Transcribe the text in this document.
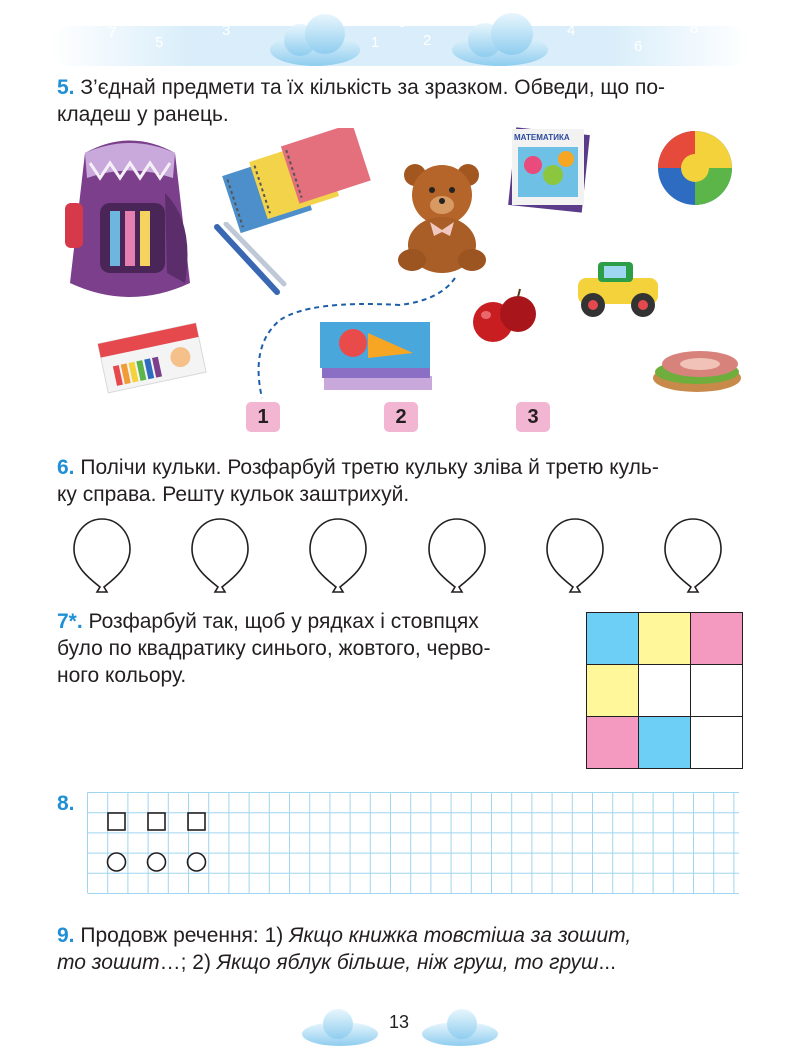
7
5
3
1
0
2
4
6
8
5. З’єднай предмети та їх кількість за зразком. Обведи, що по-
кладеш у ранець.
МАТЕМАТИКА
1	2	3
6. Полічи кульки. Розфарбуй третю кульку зліва й третю куль-
ку справа. Решту кульок заштрихуй.
7*. Розфарбуй так, щоб у рядках і стовпцях
було по квадратику синього, жовтого, черво-
ного кольору.
8.
9. Продовж речення: 1) Якщо книжка товстіша за зошит,
то зошит…; 2) Якщо яблук більше, ніж груш, то груш...
13
